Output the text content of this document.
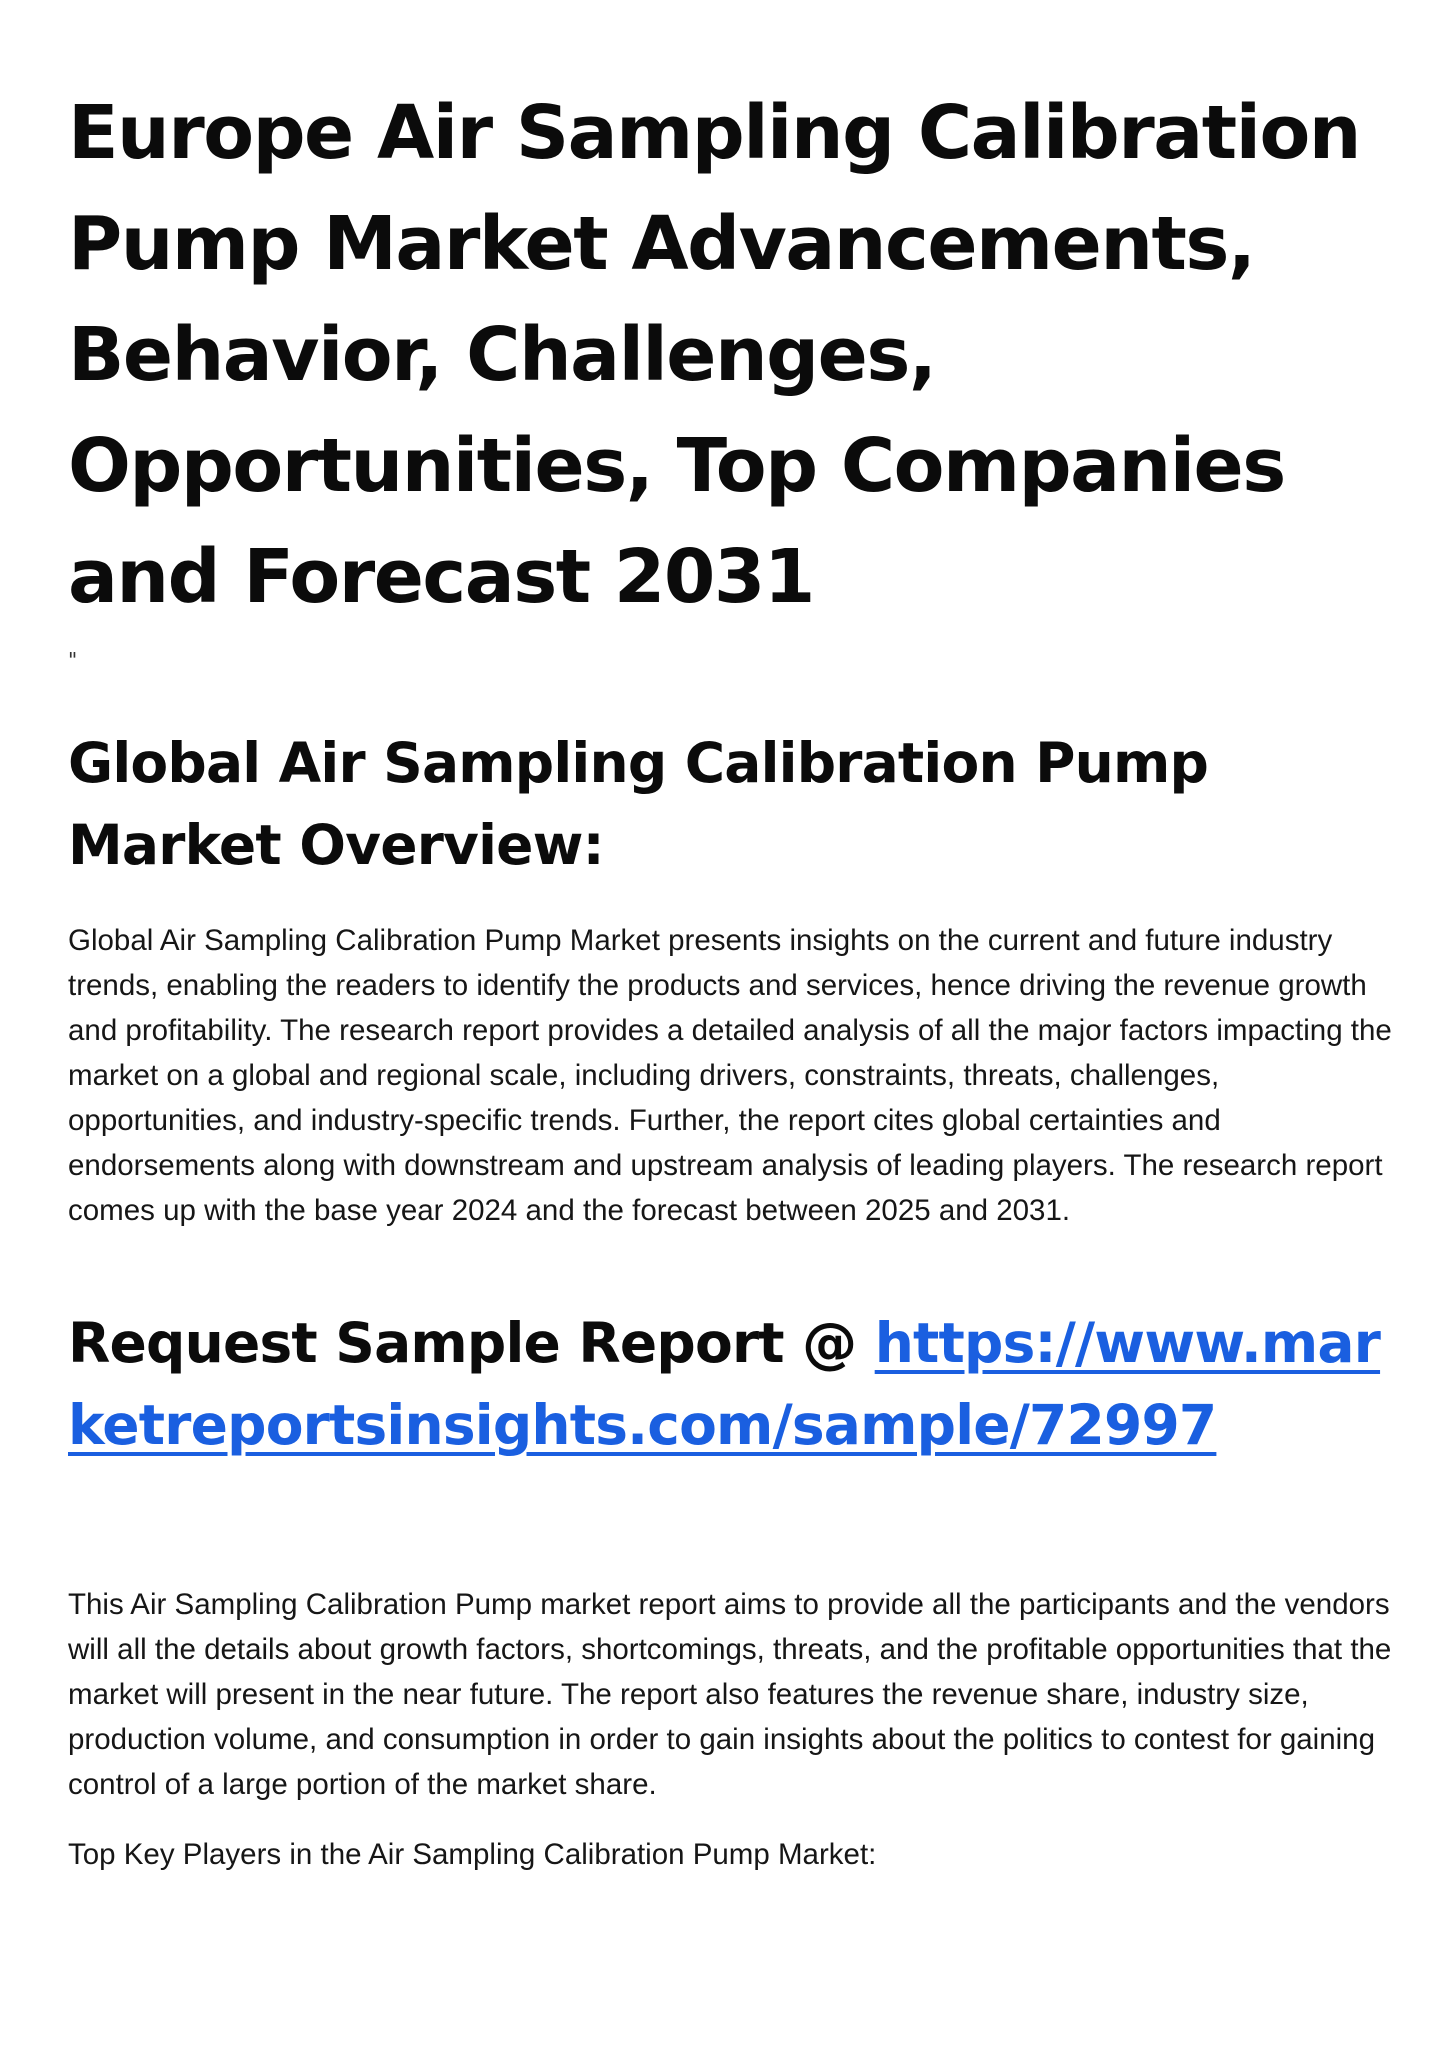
Europe Air Sampling Calibration Pump Market Advancements, Behavior, Challenges, Opportunities, Top Companies and Forecast 2031
"
Global Air Sampling Calibration Pump Market Overview:

Global Air Sampling Calibration Pump Market presents insights on the current and future industry trends, enabling the readers to identify the products and services, hence driving the revenue growth and profitability. The research report provides a detailed analysis of all the major factors impacting the market on a global and regional scale, including drivers, constraints, threats, challenges, opportunities, and industry-specific trends. Further, the report cites global certainties and endorsements along with downstream and upstream analysis of leading players. The research report comes up with the base year 2024 and the forecast between 2025 and 2031.

Request Sample Report @ https://www.marketreportsinsights.com/sample/72997

This Air Sampling Calibration Pump market report aims to provide all the participants and the vendors will all the details about growth factors, shortcomings, threats, and the profitable opportunities that the market will present in the near future. The report also features the revenue share, industry size, production volume, and consumption in order to gain insights about the politics to contest for gaining control of a large portion of the market share.

Top Key Players in the Air Sampling Calibration Pump Market:
